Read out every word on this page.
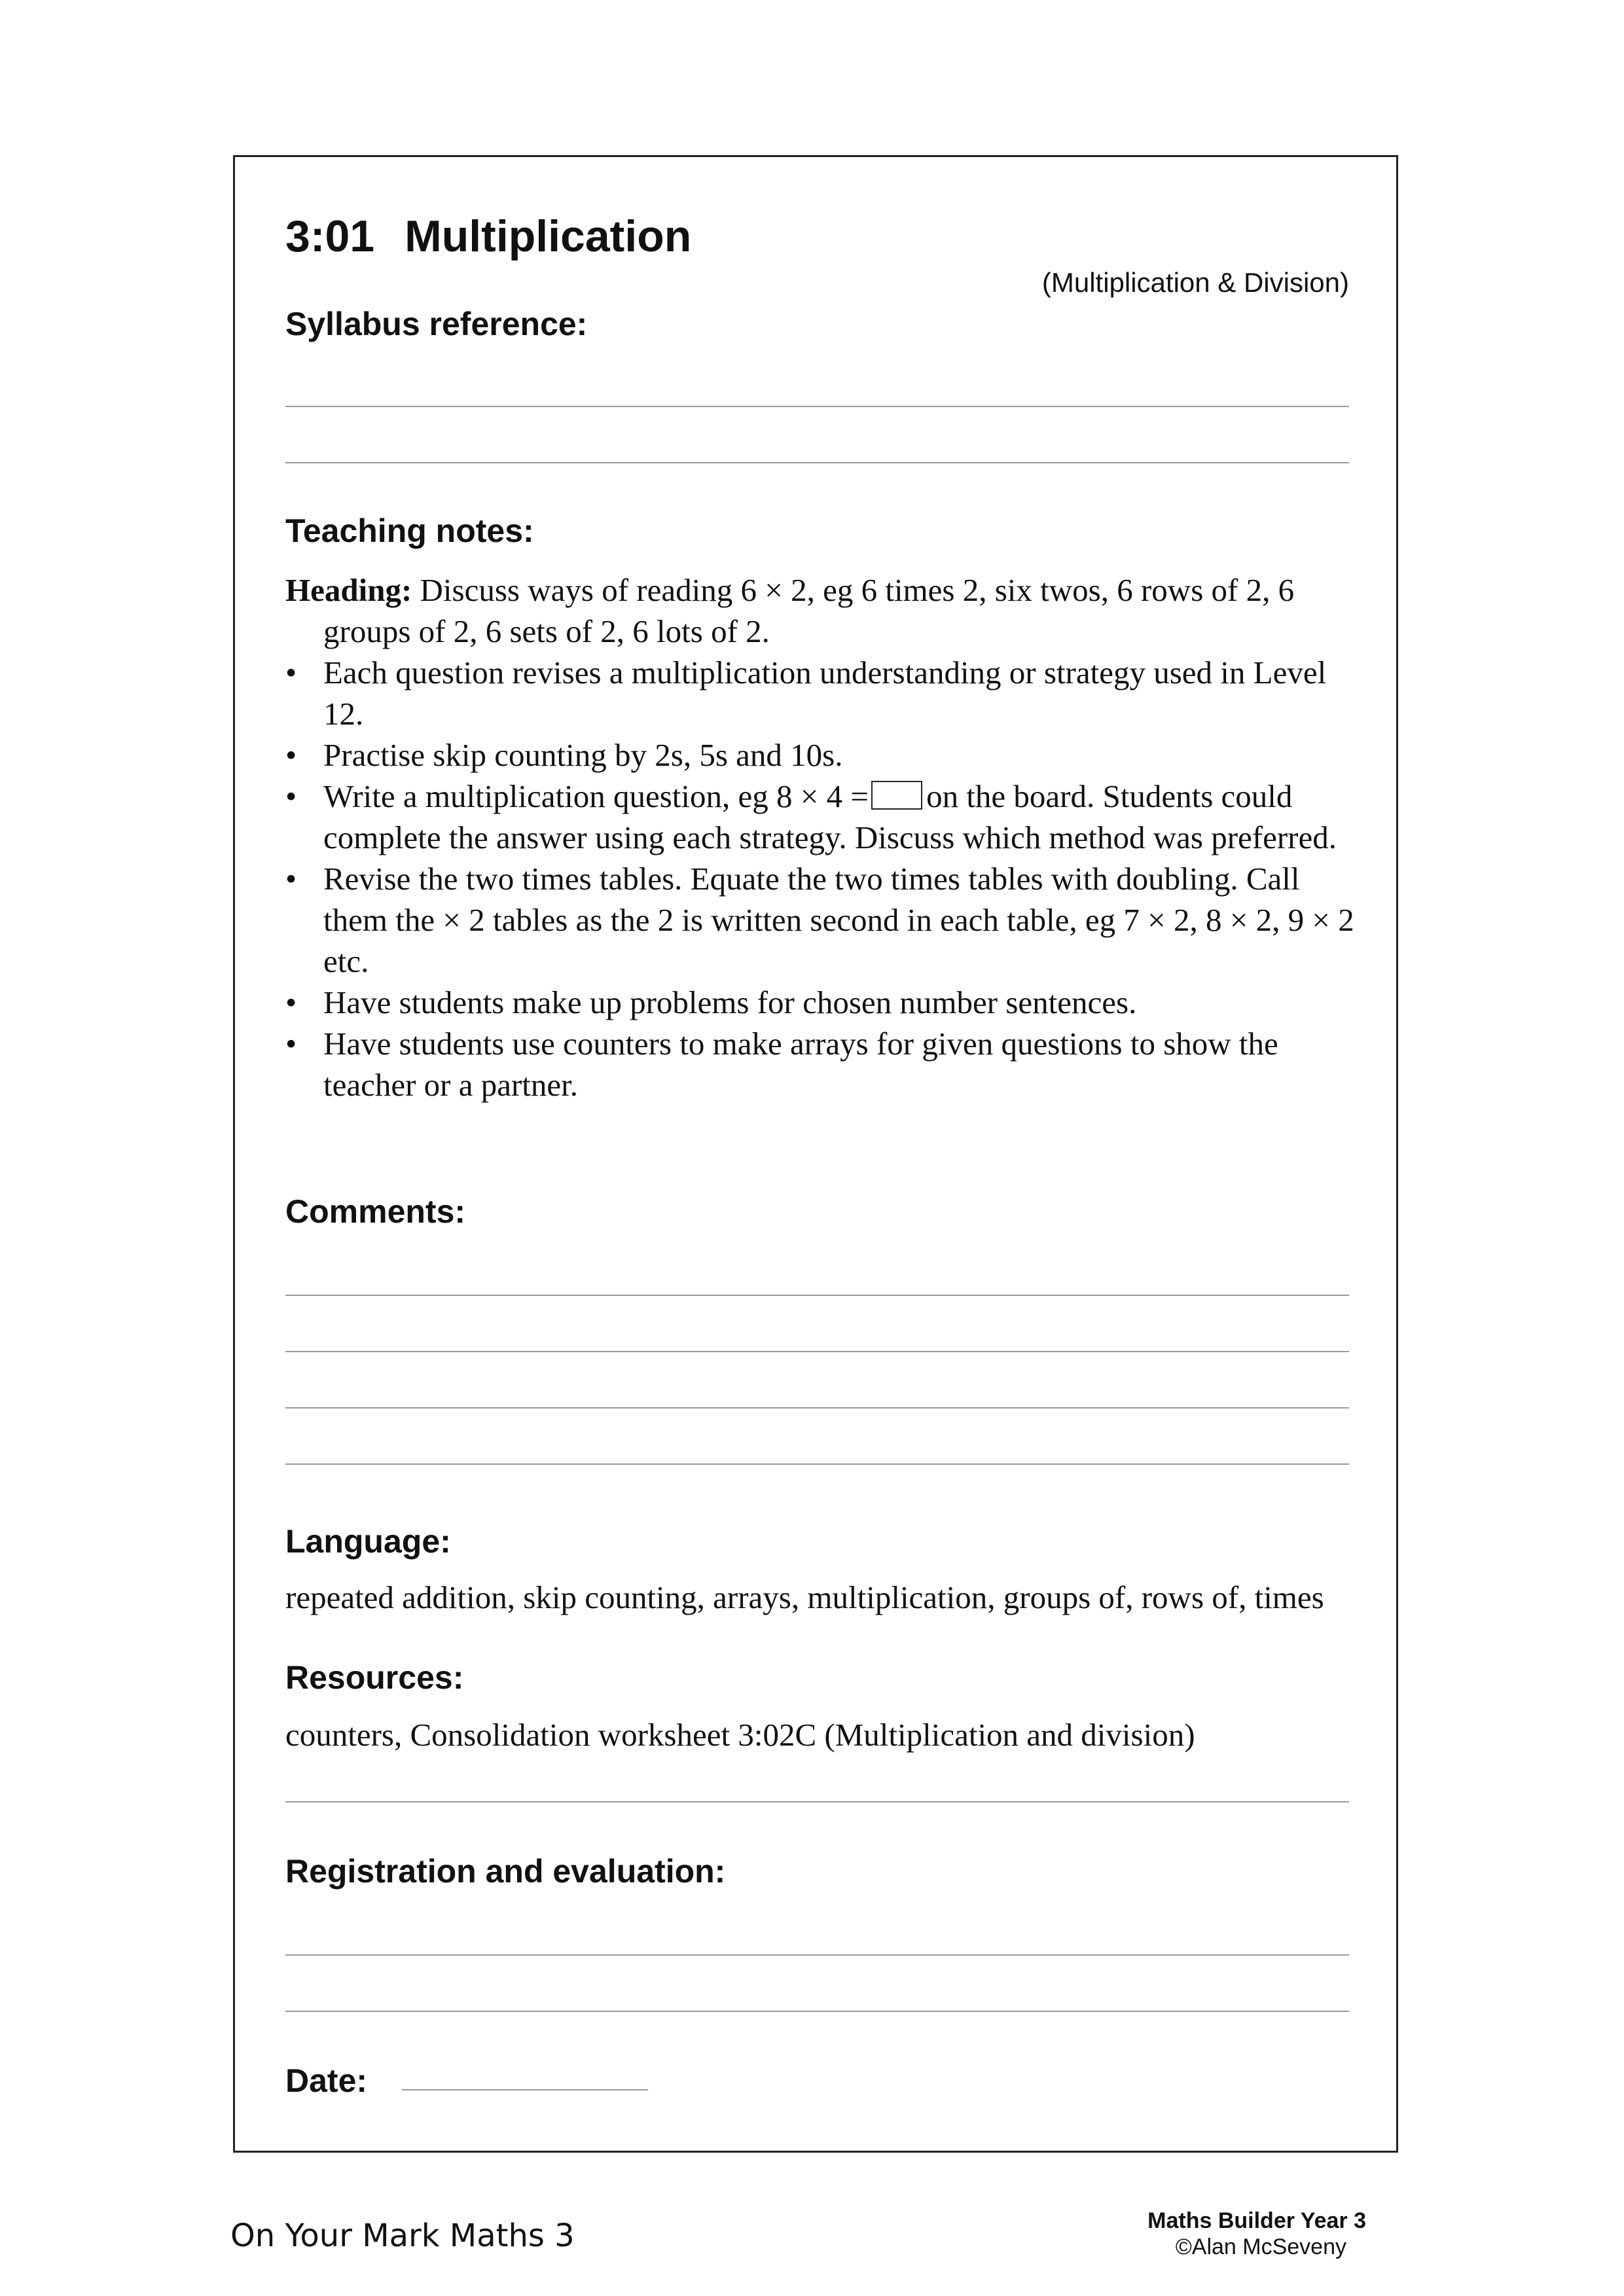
3:01 Multiplication
(Multiplication & Division)
Syllabus reference:
Teaching notes:

Heading: Discuss ways of reading 6 × 2, eg 6 times 2, six twos, 6 rows of 2, 6 groups of 2, 6 sets of 2, 6 lots of 2.

• Each question revises a multiplication understanding or strategy used in Level 12.
• Practise skip counting by 2s, 5s and 10s.
• Write a multiplication question, eg 8 × 4 = on the board. Students could complete the answer using each strategy. Discuss which method was preferred.
• Revise the two times tables. Equate the two times tables with doubling. Call them the × 2 tables as the 2 is written second in each table, eg 7 × 2, 8 × 2, 9 × 2 etc.
• Have students make up problems for chosen number sentences.
• Have students use counters to make arrays for given questions to show the teacher or a partner.
Comments:
Language:
repeated addition, skip counting, arrays, multiplication, groups of, rows of, times
Resources:
counters, Consolidation worksheet 3:02C (Multiplication and division)
Registration and evaluation:
Date:
On Your Mark Maths 3	Maths Builder Year 3
©Alan McSeveny
